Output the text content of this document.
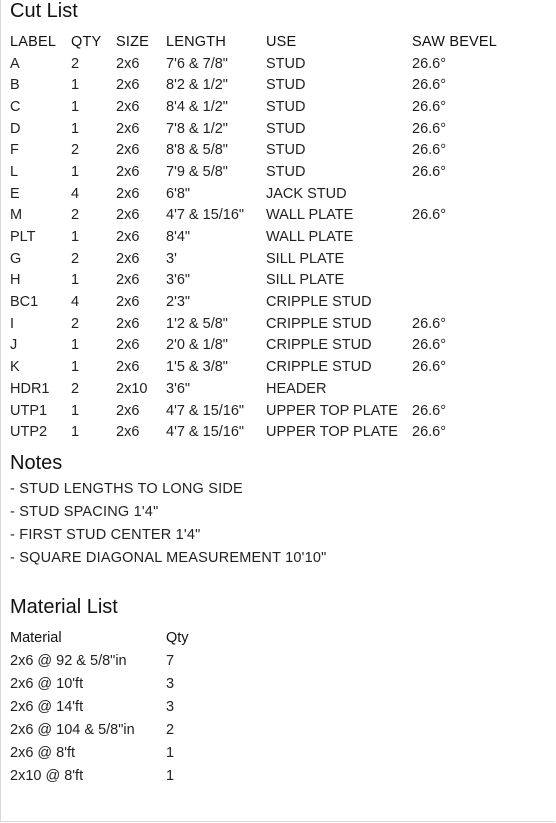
Cut List
LABEL	QTY	SIZE	LENGTH	USE	SAW BEVEL
A	2	2x6	7'6 & 7/8"	STUD	26.6°
B	1	2x6	8'2 & 1/2"	STUD	26.6°
C	1	2x6	8'4 & 1/2"	STUD	26.6°
D	1	2x6	7'8 & 1/2"	STUD	26.6°
F	2	2x6	8'8 & 5/8"	STUD	26.6°
L	1	2x6	7'9 & 5/8"	STUD	26.6°
E	4	2x6	6'8"	JACK STUD	
M	2	2x6	4'7 & 15/16"	WALL PLATE	26.6°
PLT	1	2x6	8'4"	WALL PLATE	
G	2	2x6	3'	SILL PLATE	
H	1	2x6	3'6"	SILL PLATE	
BC1	4	2x6	2'3"	CRIPPLE STUD	
I	2	2x6	1'2 & 5/8"	CRIPPLE STUD	26.6°
J	1	2x6	2'0 & 1/8"	CRIPPLE STUD	26.6°
K	1	2x6	1'5 & 3/8"	CRIPPLE STUD	26.6°
HDR1	2	2x10	3'6"	HEADER	
UTP1	1	2x6	4'7 & 15/16"	UPPER TOP PLATE	26.6°
UTP2	1	2x6	4'7 & 15/16"	UPPER TOP PLATE	26.6°
Notes
- STUD LENGTHS TO LONG SIDE
- STUD SPACING 1'4"
- FIRST STUD CENTER 1'4"
- SQUARE DIAGONAL MEASUREMENT 10'10"
Material List
Material	Qty
2x6 @ 92 & 5/8"in	7
2x6 @ 10'ft	3
2x6 @ 14'ft	3
2x6 @ 104 & 5/8"in	2
2x6 @ 8'ft	1
2x10 @ 8'ft	1
